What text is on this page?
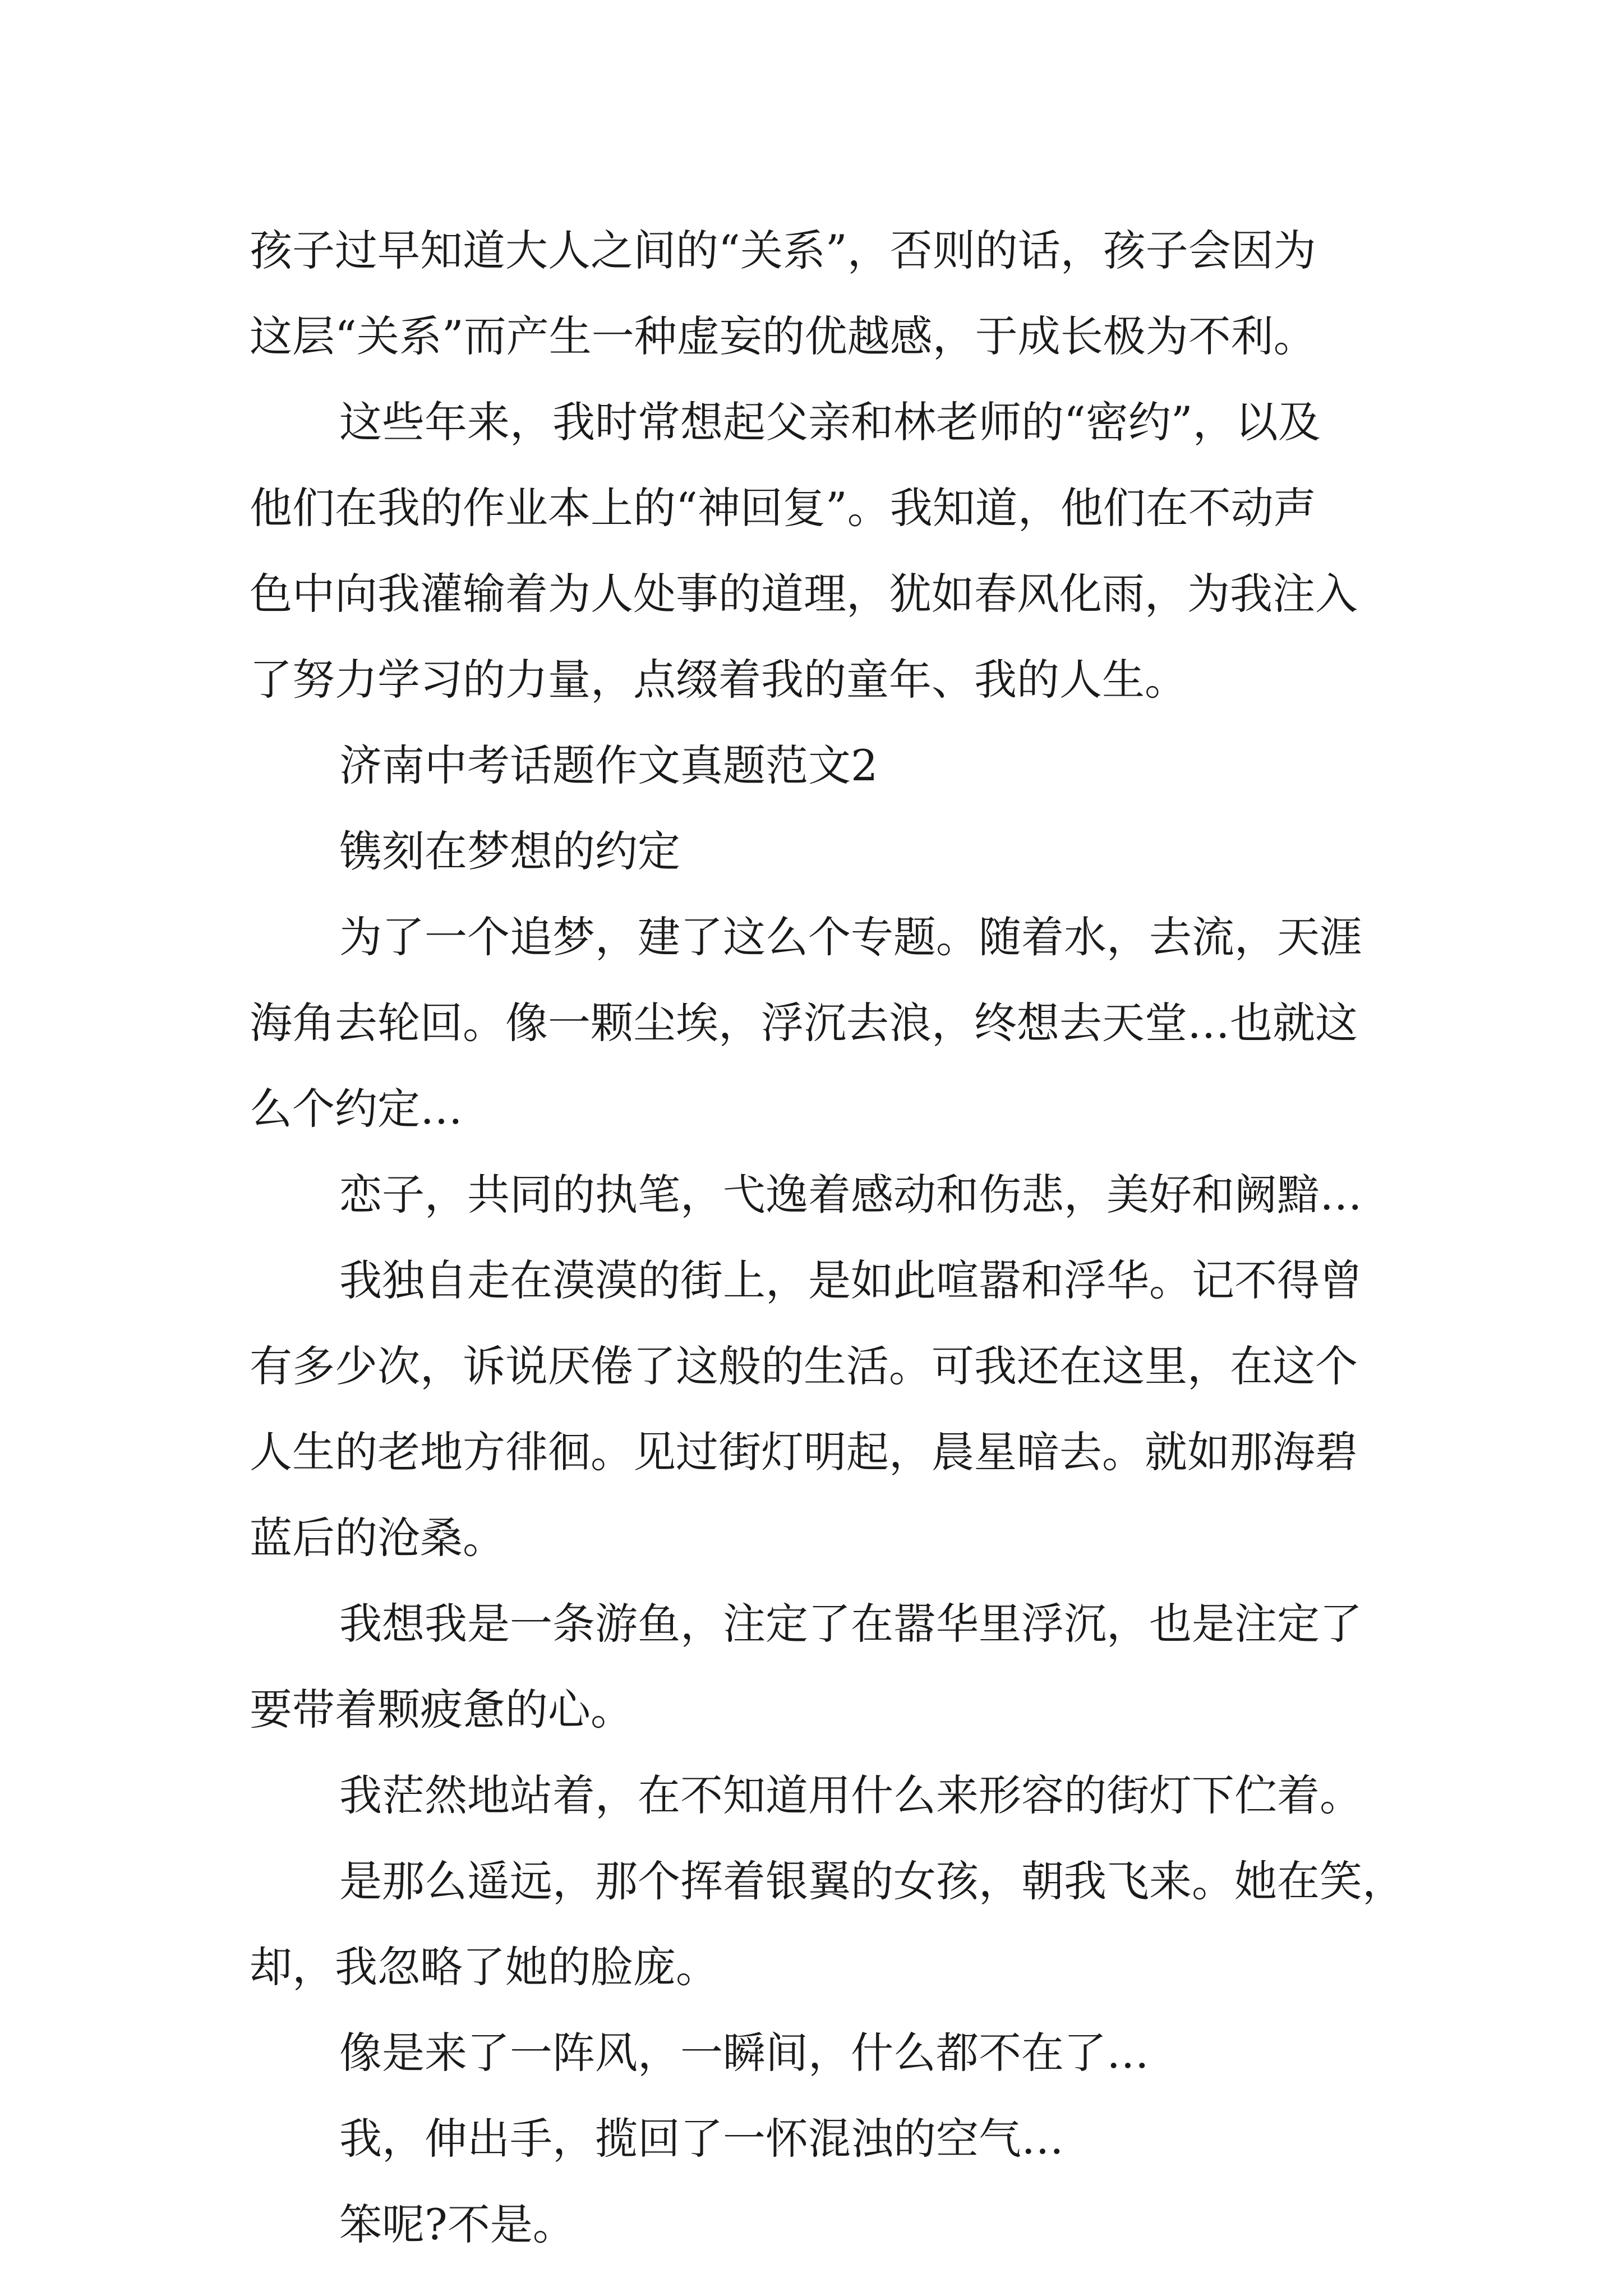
孩子过早知道大人之间的“关系”，否则的话，孩子会因为
这层“关系”而产生一种虚妄的优越感，于成长极为不利。
这些年来，我时常想起父亲和林老师的“密约”，以及
他们在我的作业本上的“神回复”。我知道，他们在不动声
色中向我灌输着为人处事的道理，犹如春风化雨，为我注入
了努力学习的力量，点缀着我的童年、我的人生。
济南中考话题作文真题范文2
镌刻在梦想的约定
为了一个追梦，建了这么个专题。随着水，去流，天涯
海角去轮回。像一颗尘埃，浮沉去浪，终想去天堂…也就这
么个约定…
恋子，共同的执笔，弋逸着感动和伤悲，美好和阙黯…
我独自走在漠漠的街上，是如此喧嚣和浮华。记不得曾
有多少次，诉说厌倦了这般的生活。可我还在这里，在这个
人生的老地方徘徊。见过街灯明起，晨星暗去。就如那海碧
蓝后的沧桑。
我想我是一条游鱼，注定了在嚣华里浮沉，也是注定了
要带着颗疲惫的心。
我茫然地站着，在不知道用什么来形容的街灯下伫着。
是那么遥远，那个挥着银翼的女孩，朝我飞来。她在笑，
却，我忽略了她的脸庞。
像是来了一阵风，一瞬间，什么都不在了…
我，伸出手，揽回了一怀混浊的空气…
笨呢?不是。
